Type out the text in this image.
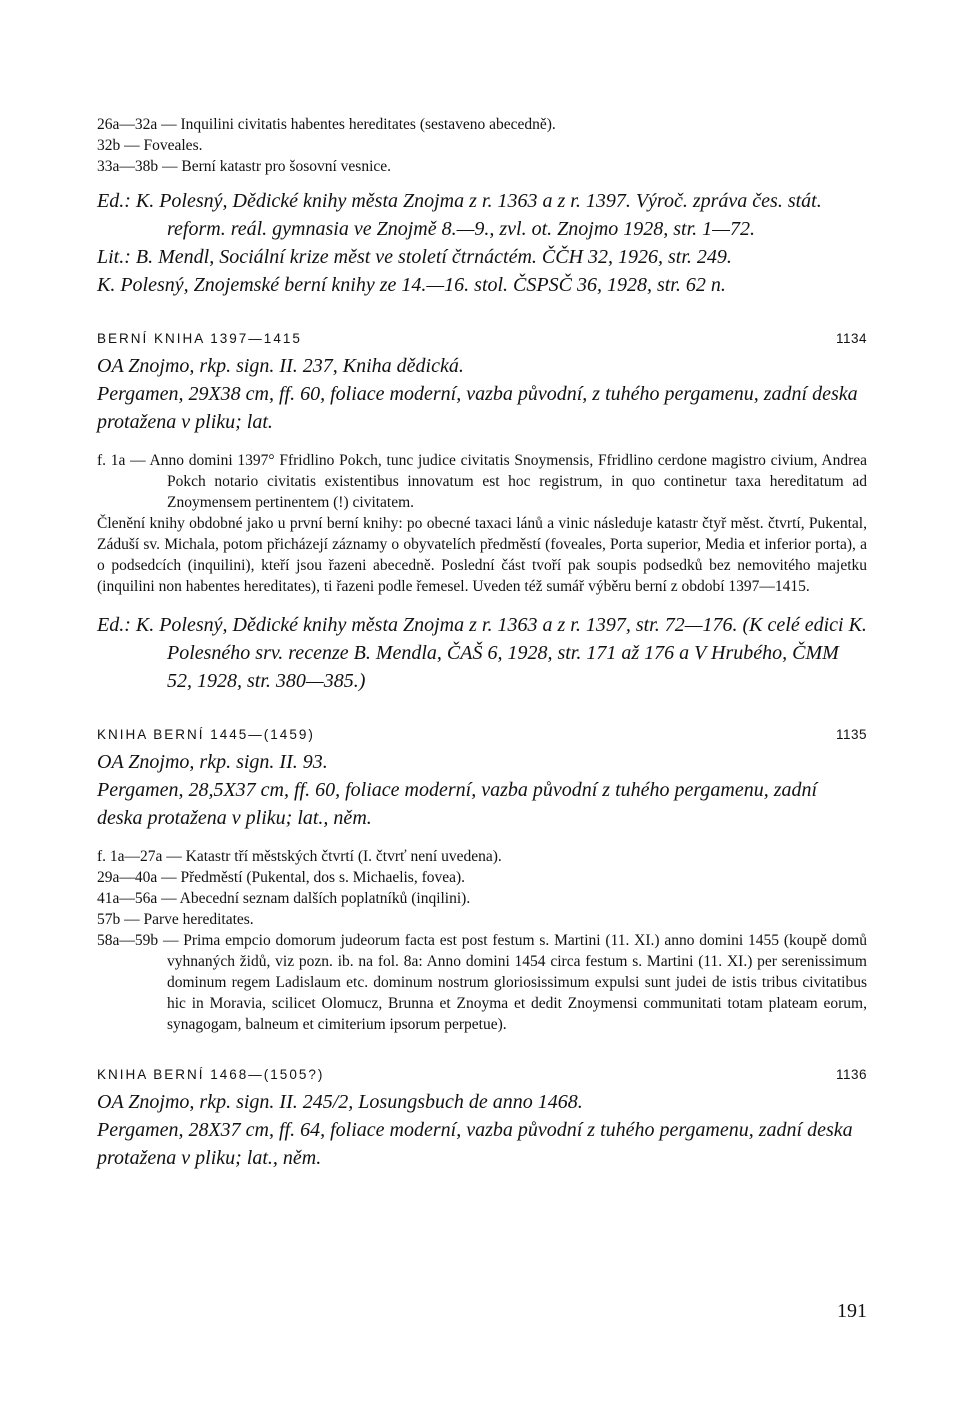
26a—32a — Inquilini civitatis habentes hereditates (sestaveno abecedně).

32b — Foveales.

33a—38b — Berní katastr pro šosovní vesnice.

Ed.: K. Polesný, Dědické knihy města Znojma z r. 1363 a z r. 1397. Výroč. zpráva čes. stát. reform. reál. gymnasia ve Znojmě 8.—9., zvl. ot. Znojmo 1928, str. 1—72.

Lit.: B. Mendl, Sociální krize měst ve století čtrnáctém. ČČH 32, 1926, str. 249.

K. Polesný, Znojemské berní knihy ze 14.—16. stol. ČSPSČ 36, 1928, str. 62 n.

BERNÍ KNIHA 1397—1415	1134

OA Znojmo, rkp. sign. II. 237, Kniha dědická.

Pergamen, 29X38 cm, ff. 60, foliace moderní, vazba původní, z tuhého pergamenu, zadní deska protažena v pliku; lat.

f. 1a — Anno domini 1397° Ffridlino Pokch, tunc judice civitatis Snoymensis, Ffridlino cerdone magistro civium, Andrea Pokch notario civitatis existentibus innovatum est hoc registrum, in quo continetur taxa hereditatum ad Znoymensem pertinentem (!) civitatem.

Členění knihy obdobné jako u první berní knihy: po obecné taxaci lánů a vinic následuje katastr čtyř měst. čtvrtí, Pukental, Záduší sv. Michala, potom přicházejí záznamy o obyvatelích předměstí (foveales, Porta superior, Media et inferior porta), a o podsedcích (inquilini), kteří jsou řazeni abecedně. Poslední část tvoří pak soupis podsedků bez nemovitého majetku (inquilini non habentes hereditates), ti řazeni podle řemesel. Uveden též sumář výběru berní z období 1397—1415.

Ed.: K. Polesný, Dědické knihy města Znojma z r. 1363 a z r. 1397, str. 72—176. (K celé edici K. Polesného srv. recenze B. Mendla, ČAŠ 6, 1928, str. 171 až 176 a V Hrubého, ČMM 52, 1928, str. 380—385.)

KNIHA BERNÍ 1445—(1459)	1135

OA Znojmo, rkp. sign. II. 93.

Pergamen, 28,5X37 cm, ff. 60, foliace moderní, vazba původní z tuhého pergamenu, zadní deska protažena v pliku; lat., něm.

f. 1a—27a — Katastr tří městských čtvrtí (I. čtvrť není uvedena).

29a—40a — Předměstí (Pukental, dos s. Michaelis, fovea).

41a—56a — Abecední seznam dalších poplatníků (inqilini).

57b — Parve hereditates.

58a—59b — Prima empcio domorum judeorum facta est post festum s. Martini (11. XI.) anno domini 1455 (koupě domů vyhnaných židů, viz pozn. ib. na fol. 8a: Anno domini 1454 circa festum s. Martini (11. XI.) per serenissimum dominum regem Ladislaum etc. dominum nostrum gloriosissimum expulsi sunt judei de istis tribus civitatibus hic in Moravia, scilicet Olomucz, Brunna et Znoyma et dedit Znoymensi communitati totam plateam eorum, synagogam, balneum et cimiterium ipsorum perpetue).

KNIHA BERNÍ 1468—(1505?)	1136

OA Znojmo, rkp. sign. II. 245/2, Losungsbuch de anno 1468.

Pergamen, 28X37 cm, ff. 64, foliace moderní, vazba původní z tuhého pergamenu, zadní deska protažena v pliku; lat., něm.

191
